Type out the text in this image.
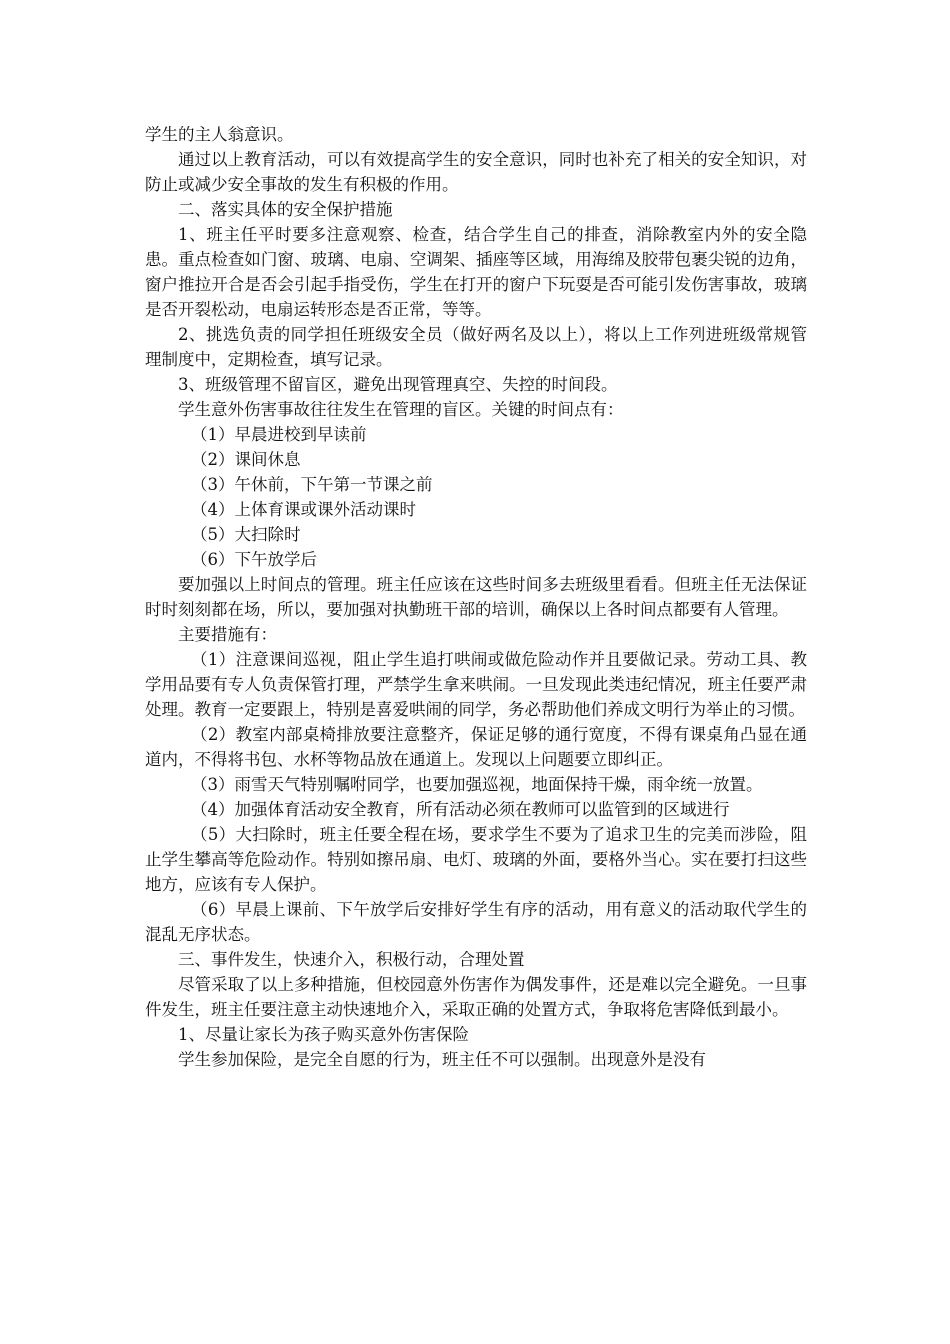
学生的主人翁意识。

通过以上教育活动，可以有效提高学生的安全意识，同时也补充了相关的安全知识，对防止或减少安全事故的发生有积极的作用。

二、落实具体的安全保护措施

1、班主任平时要多注意观察、检查，结合学生自己的排查，消除教室内外的安全隐患。重点检查如门窗、玻璃、电扇、空调架、插座等区域，用海绵及胶带包裹尖锐的边角，窗户推拉开合是否会引起手指受伤，学生在打开的窗户下玩耍是否可能引发伤害事故，玻璃是否开裂松动，电扇运转形态是否正常，等等。

2、挑选负责的同学担任班级安全员（做好两名及以上），将以上工作列进班级常规管理制度中，定期检查，填写记录。

3、班级管理不留盲区，避免出现管理真空、失控的时间段。

学生意外伤害事故往往发生在管理的盲区。关键的时间点有：

（1）早晨进校到早读前

（2）课间休息

（3）午休前，下午第一节课之前

（4）上体育课或课外活动课时

（5）大扫除时

（6）下午放学后

要加强以上时间点的管理。班主任应该在这些时间多去班级里看看。但班主任无法保证时时刻刻都在场，所以，要加强对执勤班干部的培训，确保以上各时间点都要有人管理。

主要措施有：

（1）注意课间巡视，阻止学生追打哄闹或做危险动作并且要做记录。劳动工具、教学用品要有专人负责保管打理，严禁学生拿来哄闹。一旦发现此类违纪情况，班主任要严肃处理。教育一定要跟上，特别是喜爱哄闹的同学，务必帮助他们养成文明行为举止的习惯。

（2）教室内部桌椅排放要注意整齐，保证足够的通行宽度，不得有课桌角凸显在通道内，不得将书包、水杯等物品放在通道上。发现以上问题要立即纠正。

（3）雨雪天气特别嘱咐同学，也要加强巡视，地面保持干燥，雨伞统一放置。

（4）加强体育活动安全教育，所有活动必须在教师可以监管到的区域进行

（5）大扫除时，班主任要全程在场，要求学生不要为了追求卫生的完美而涉险，阻止学生攀高等危险动作。特别如擦吊扇、电灯、玻璃的外面，要格外当心。实在要打扫这些地方，应该有专人保护。

（6）早晨上课前、下午放学后安排好学生有序的活动，用有意义的活动取代学生的混乱无序状态。

三、事件发生，快速介入，积极行动，合理处置

尽管采取了以上多种措施，但校园意外伤害作为偶发事件，还是难以完全避免。一旦事件发生，班主任要注意主动快速地介入，采取正确的处置方式，争取将危害降低到最小。

1、尽量让家长为孩子购买意外伤害保险

学生参加保险，是完全自愿的行为，班主任不可以强制。出现意外是没有
